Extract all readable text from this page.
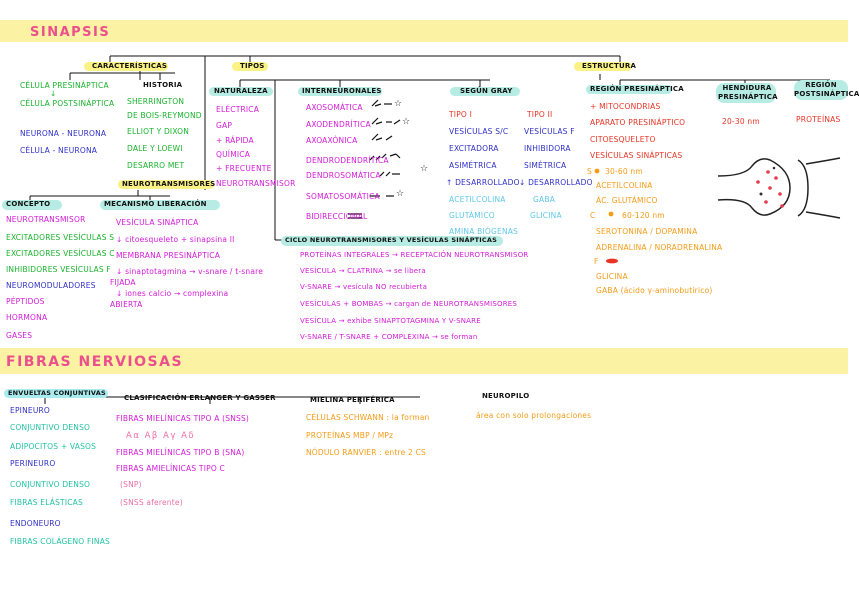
SINAPSIS
FIBRAS NERVIOSAS
CARACTERÍSTICAS
CÉLULA PRESINÁPTICA
↓
CÉLULA POSTSINÁPTICA
NEURONA - NEURONA
CÉLULA - NEURONA
HISTORIA
SHERRINGTON
DE BOIS-REYMOND
ELLIOT Y DIXON
DALE Y LOEWI
DESARRO MET
NEUROTRANSMISORES
TIPOS
NATURALEZA
ELÉCTRICA
GAP
+ RÁPIDA
QUÍMICA
+ FRECUENTE
NEUROTRANSMISOR
INTERNEURONALES
AXOSOMÁTICA
AXODENDRÍTICA
AXOAXÓNICA
DENDRODENDRÍTICA
DENDROSOMÁTICA
SOMATOSOMÁTICA
BIDIRECCIONAL
☆
☆
☆
☆
SEGÚN GRAY
TIPO I
VESÍCULAS S/C
EXCITADORA
ASIMÉTRICA
↑ DESARROLLADO
ACETILCOLINA
GLUTÁMICO
AMINA BIÓGENAS
TIPO II
VESÍCULAS F
INHIBIDORA
SIMÉTRICA
↓ DESARROLLADO
GABA
GLICINA
ESTRUCTURA
REGIÓN PRESINÁPTICA
+ MITOCONDRIAS
APARATO PRESINÁPTICO
CITOESQUELETO
VESÍCULAS SINÁPTICAS
S 30-60 nm
ACETILCOLINA
ÁC. GLUTÁMICO
C	60-120 nm
SEROTONINA / DOPAMINA
ADRENALINA / NORADRENALINA
F
GLICINA
GABA (ácido γ-aminobutírico)
HENDIDURA PRESINÁPTICA
20-30 nm
REGIÓN POSTSINÁPTICA
PROTEÍNAS
CONCEPTO
NEUROTRANSMISOR
EXCITADORES VESÍCULAS S
EXCITADORES VESÍCULAS C
INHIBIDORES VESÍCULAS F
NEUROMODULADORES
PÉPTIDOS
HORMONA
GASES
MECANISMO LIBERACIÓN
VESÍCULA SINÁPTICA
↓ citoesqueleto + sinapsina II
MEMBRANA PRESINÁPTICA
↓ sinaptotagmina → v-snare / t-snare
FIJADA
↓ iones calcio → complexina
ABIERTA
CICLO NEUROTRANSMISORES Y VESÍCULAS SINÁPTICAS
PROTEÍNAS INTEGRALES → RECEPTACIÓN NEUROTRANSMISOR
VESÍCULA → CLATRINA → se libera
V-SNARE → vesícula NO recubierta
VESÍCULAS + BOMBAS → cargan de NEUROTRANSMISORES
VESÍCULA → exhibe SINAPTOTAGMINA Y V-SNARE
V-SNARE / T-SNARE + COMPLEXINA → se forman
ENVUELTAS CONJUNTIVAS
EPINEURO
CONJUNTIVO DENSO
ADIPOCITOS + VASOS
PERINEURO
CONJUNTIVO DENSO
FIBRAS ELÁSTICAS
ENDONEURO
FIBRAS COLÁGENO FINAS
CLASIFICACIÓN ERLANGER Y GASSER
FIBRAS MIELÍNICAS TIPO A (SNSS)
Aα Aβ Aγ Aδ
FIBRAS MIELÍNICAS TIPO B (SNA)
FIBRAS AMIELÍNICAS TIPO C
(SNP)
(SNSS aferente)
MIELINA PERIFÉRICA
CÉLULAS SCHWANN : la forman
PROTEÍNAS MBP / MPz
NÓDULO RANVIER : entre 2 CS
NEUROPILO
área con solo prolongaciones
